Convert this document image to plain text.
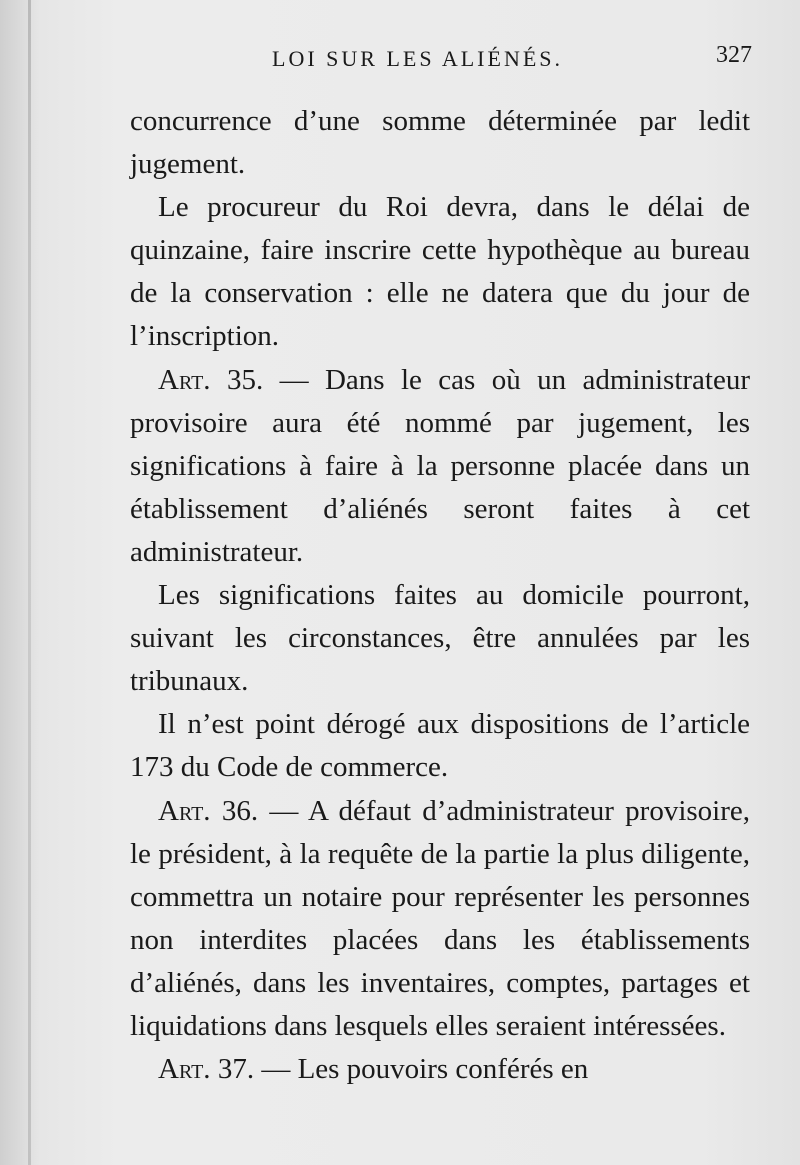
LOI SUR LES ALIÉNÉS.	327

concurrence d’une somme déterminée par ledit jugement.

Le procureur du Roi devra, dans le délai de quinzaine, faire inscrire cette hypothèque au bureau de la conservation : elle ne datera que du jour de l’inscription.

Art. 35. — Dans le cas où un administrateur provisoire aura été nommé par jugement, les significations à faire à la personne placée dans un établissement d’aliénés seront faites à cet administrateur.

Les significations faites au domicile pourront, suivant les circonstances, être annulées par les tribunaux.

Il n’est point dérogé aux dispositions de l’article 173 du Code de commerce.

Art. 36. — A défaut d’administrateur provisoire, le président, à la requête de la partie la plus diligente, commettra un notaire pour représenter les personnes non interdites placées dans les établissements d’aliénés, dans les inventaires, comptes, partages et liquidations dans lesquels elles seraient intéressées.

Art. 37. — Les pouvoirs conférés en
